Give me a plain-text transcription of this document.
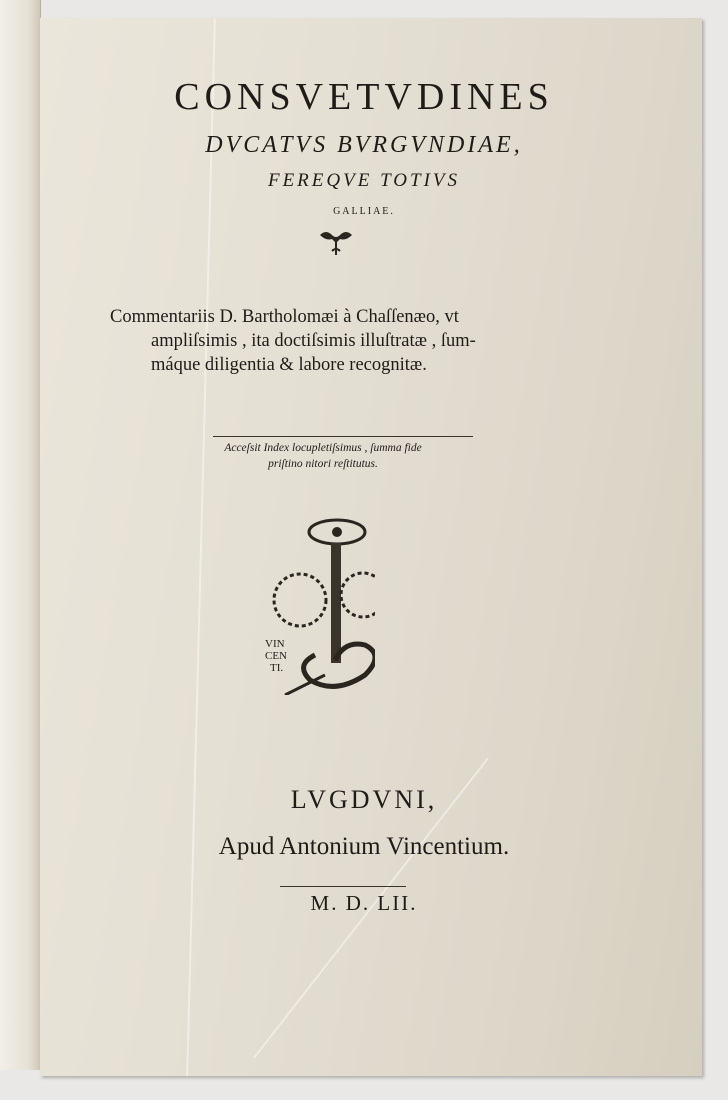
CONSVETVDINES
DVCATVS BVRGVNDIAE,
FEREQVE TOTIVS
GALLIAE.
Commentariis D. Bartholomæi à Chaſſenæo, vt
ampliſsimis , ita doctiſsimis illuſtratæ , ſum-
máque diligentia & labore recognitæ.
Acceſsit Index locupletiſsimus , ſumma fide
priſtino nitori reſtitutus.
VIN
CEN
TI.
LVGDVNI,
Apud Antonium Vincentium.
M. D. LII.
